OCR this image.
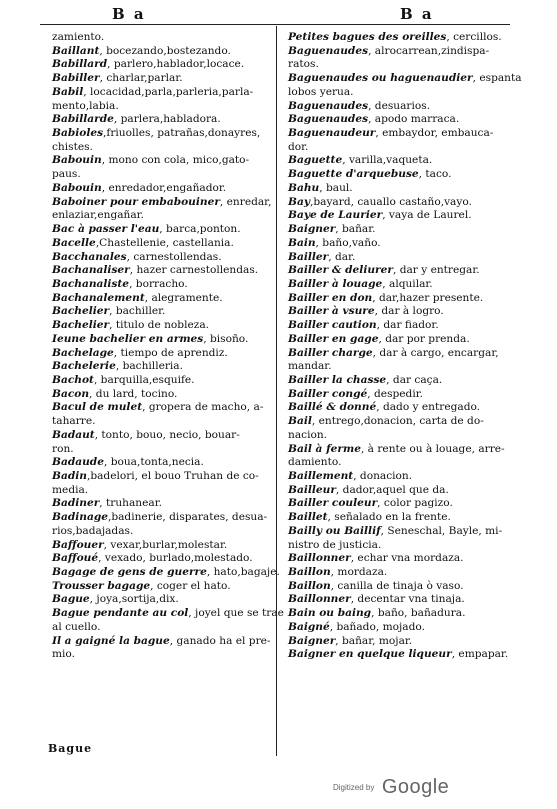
B a	B a
zamiento.
Baillant, bocezando,bostezando.
Babillard, parlero,hablador,locace.
Babiller, charlar,parlar.
Babil, locacidad,parla,parleria,parla-
mento,labia.
Babillarde, parlera,habladora.
Babioles,friuolles, patrañas,donayres,
chistes.
Babouin, mono con cola, mico,gato-
paus.
Babouin, enredador,engañador.
Baboiner pour embabouiner, enredar,
enlaziar,engañar.
Bac à passer l'eau, barca,ponton.
Bacelle,Chastellenie, castellania.
Bacchanales, carnestollendas.
Bachanaliser, hazer carnestollendas.
Bachanaliste, borracho.
Bachanalement, alegramente.
Bachelier, bachiller.
Bachelier, titulo de nobleza.
Ieune bachelier en armes, bisoño.
Bachelage, tiempo de aprendiz.
Bachelerie, bachilleria.
Bachot, barquilla,esquife.
Bacon, du lard, tocino.
Bacul de mulet, gropera de macho, a-
taharre.
Badaut, tonto, bouo, necio, bouar-
ron.
Badaude, boua,tonta,necia.
Badin,badelori, el bouo Truhan de co-
media.
Badiner, truhanear.
Badinage,badinerie, disparates, desua-
rios,badajadas.
Baffouer, vexar,burlar,molestar.
Baffoué, vexado, burlado,molestado.
Bagage de gens de guerre, hato,bagaje.
Trousser bagage, coger el hato.
Bague, joya,sortija,dix.
Bague pendante au col, joyel que se trae
al cuello.
Il a gaigné la bague, ganado ha el pre-
mio.
Petites bagues des oreilles, cercillos.
Baguenaudes, alrocarrean,zindispa-
ratos.
Baguenaudes ou haguenaudier, espanta
lobos yerua.
Baguenaudes, desuarios.
Baguenaudes, apodo marraca.
Baguenaudeur, embaydor, embauca-
dor.
Baguette, varilla,vaqueta.
Baguette d'arquebuse, taco.
Bahu, baul.
Bay,bayard, cauallo castaño,vayo.
Baye de Laurier, vaya de Laurel.
Baigner, bañar.
Bain, baño,vaño.
Bailler, dar.
Bailler & deliurer, dar y entregar.
Bailler à louage, alquilar.
Bailler en don, dar,hazer presente.
Bailler à vsure, dar à logro.
Bailler caution, dar fiador.
Bailler en gage, dar por prenda.
Bailler charge, dar à cargo, encargar,
mandar.
Bailler la chasse, dar caça.
Bailler congé, despedir.
Baillé & donné, dado y entregado.
Bail, entrego,donacion, carta de do-
nacion.
Bail à ferme, à rente ou à louage, arre-
damiento.
Baillement, donacion.
Bailleur, dador,aquel que da.
Bailler couleur, color pagizo.
Baillet, señalado en la frente.
Bailly ou Baillif, Seneschal, Bayle, mi-
nistro de justicia.
Baillonner, echar vna mordaza.
Baillon, mordaza.
Baillon, canilla de tinaja ò vaso.
Baillonner, decentar vna tinaja.
Bain ou baing, baño, bañadura.
Baigné, bañado, mojado.
Baigner, bañar, mojar.
Baigner en quelque liqueur, empapar.
Bague
Digitized by Google
